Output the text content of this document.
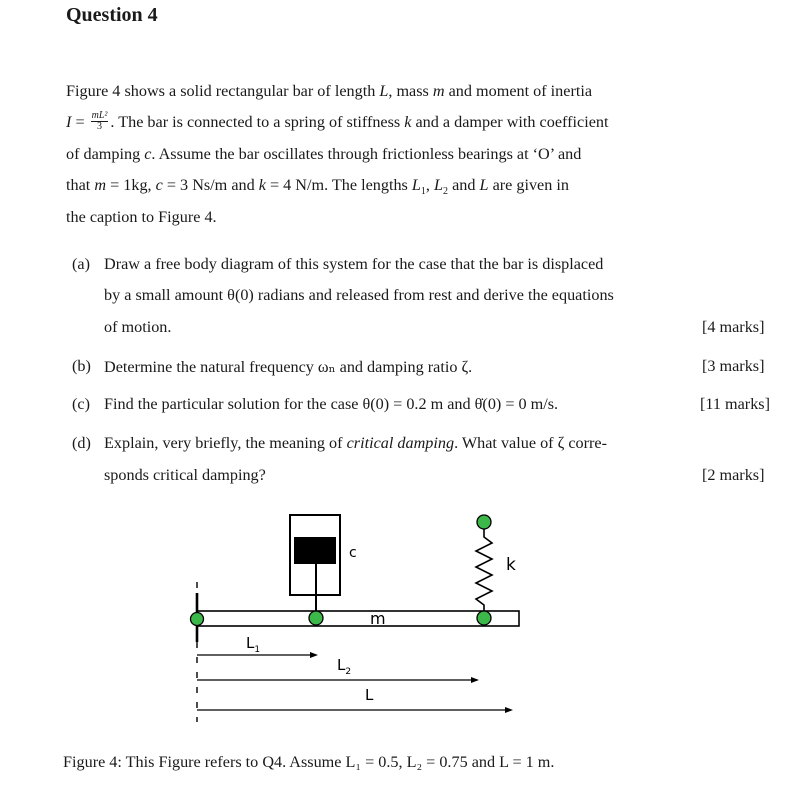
Question 4
Figure 4 shows a solid rectangular bar of length L, mass m and moment of inertia
$I = \frac{\text{mL²}}{3}$ . The bar is connected to a spring of stiffness k and a damper with coefficient
of damping c. Assume the bar oscillates through frictionless bearings at ‘O’ and
that m = 1kg, c = 3 Ns/m and k = 4 N/m. The lengths $L_1$, $L_2$ and L are given in
the caption to Figure 4.
(a) Draw a free body diagram of this system for the case that the bar is displaced
by a small amount θ(0) radians and released from rest and derive the equations
of motion.	[4 marks]
(b) Determine the natural frequency ωₙ and damping ratio ζ.	[3 marks]
(c) Find the particular solution for the case θ(0) = 0.2 m and θ̇(0) = 0 m/s.	[11 marks]
(d) Explain, very briefly, the meaning of critical damping. What value of ζ corre-
sponds critical damping?	[2 marks]
m
c
k
$L_1$
$L_2$
L
Figure 4: This Figure refers to Q4. Assume L₁ = 0.5, L₂ = 0.75 and L = 1 m.
